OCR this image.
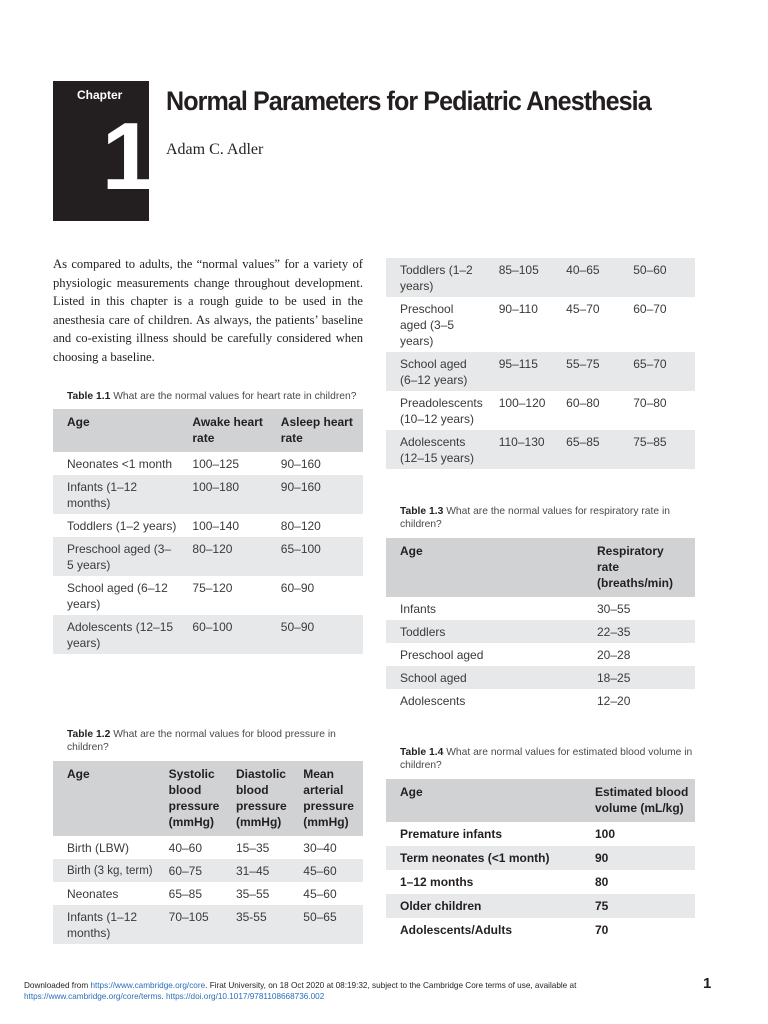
Chapter
1
Normal Parameters for Pediatric Anesthesia
Adam C. Adler

As compared to adults, the “normal values” for a variety of physiologic measurements change throughout development. Listed in this chapter is a rough guide to be used in the anesthesia care of children. As always, the patients’ baseline and co-existing illness should be carefully considered when choosing a baseline.

Table 1.1 What are the normal values for heart rate in children?
Age	Awake heart rate	Asleep heart rate
Neonates <1 month	100–125	90–160
Infants (1–12 months)	100–180	90–160
Toddlers (1–2 years)	100–140	80–120
Preschool aged (3–5 years)	80–120	65–100
School aged (6–12 years)	75–120	60–90
Adolescents (12–15 years)	60–100	50–90
Table 1.2 What are the normal values for blood pressure in children?
Age	Systolic blood pressure (mmHg)	Diastolic blood pressure (mmHg)	Mean arterial pressure (mmHg)
Birth (LBW)	40–60	15–35	30–40
Birth (3 kg, term)	60–75	31–45	45–60
Neonates	65–85	35–55	45–60
Infants (1–12 months)	70–105	35-55	50–65
Toddlers (1–2 years)	85–105	40–65	50–60
Preschool aged (3–5 years)	90–110	45–70	60–70
School aged (6–12 years)	95–115	55–75	65–70
Preadolescents (10–12 years)	100–120	60–80	70–80
Adolescents (12–15 years)	110–130	65–85	75–85
Table 1.3 What are the normal values for respiratory rate in children?
Age	Respiratory rate (breaths/min)
Infants	30–55
Toddlers	22–35
Preschool aged	20–28
School aged	18–25
Adolescents	12–20
Table 1.4 What are normal values for estimated blood volume in children?
Age	Estimated blood volume (mL/kg)
Premature infants	100
Term neonates (<1 month)	90
1–12 months	80
Older children	75
Adolescents/Adults	70
Downloaded from https://www.cambridge.org/core. Firat University, on 18 Oct 2020 at 08:19:32, subject to the Cambridge Core terms of use, available at
https://www.cambridge.org/core/terms. https://doi.org/10.1017/9781108668736.002
1
